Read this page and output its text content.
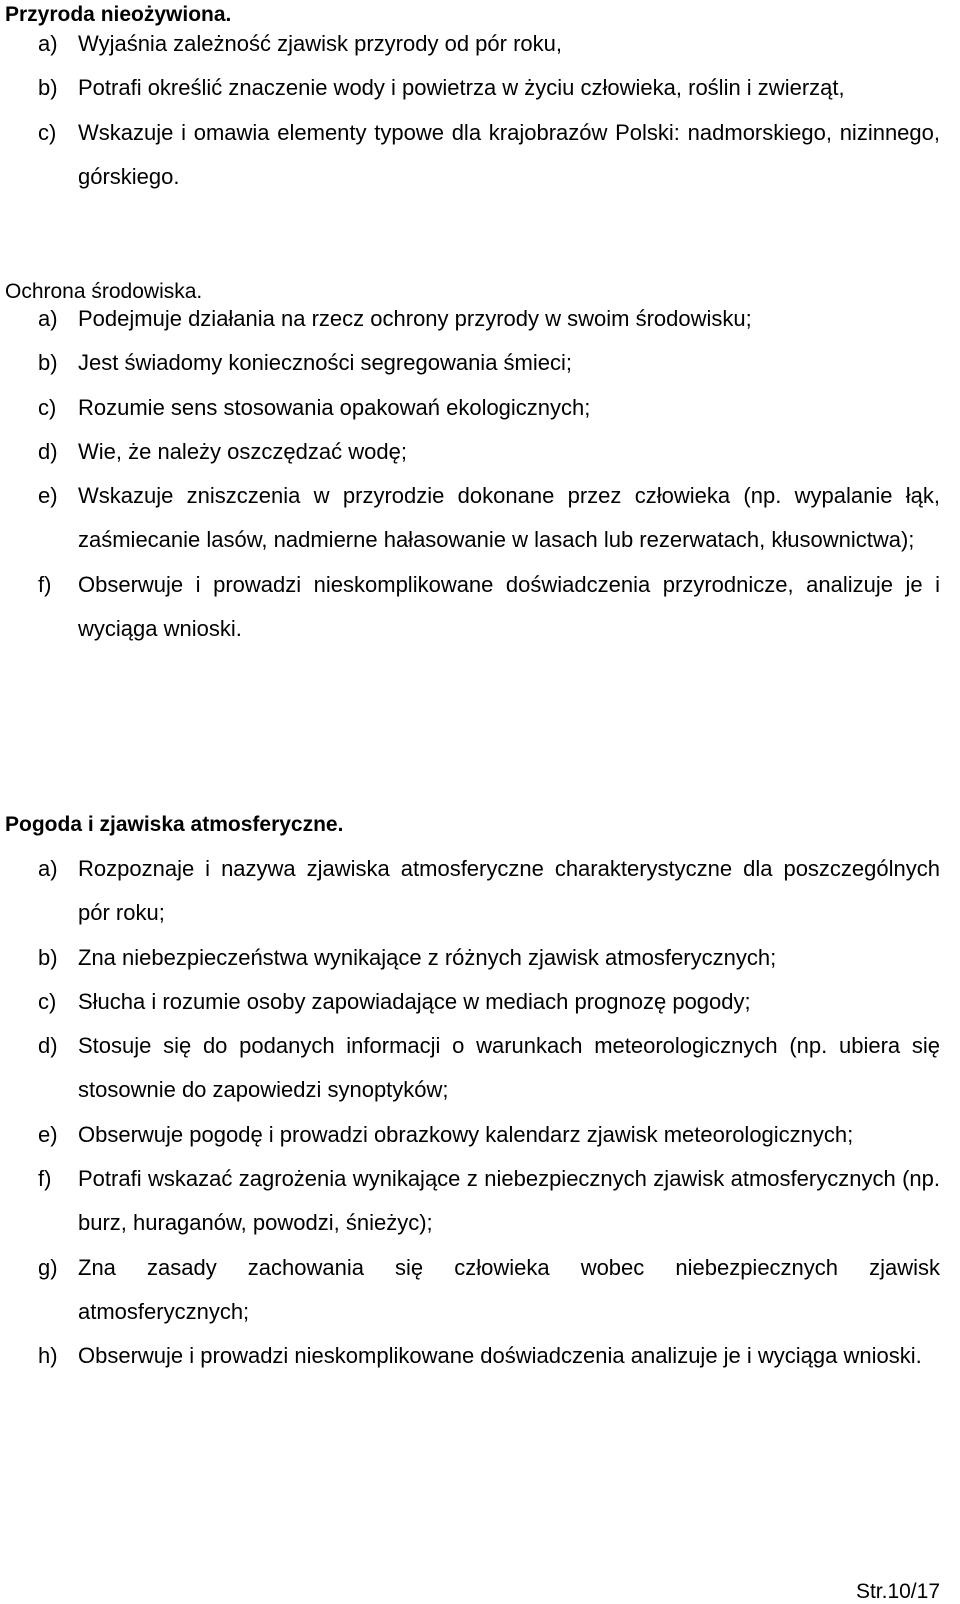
Przyroda nieożywiona.
a) Wyjaśnia zależność zjawisk przyrody od pór roku,
b) Potrafi określić znaczenie wody i powietrza w życiu człowieka, roślin i zwierząt,
c) Wskazuje i omawia elementy typowe dla krajobrazów Polski: nadmorskiego, nizinnego, górskiego.
Ochrona środowiska.
a) Podejmuje działania na rzecz ochrony przyrody w swoim środowisku;
b) Jest świadomy konieczności segregowania śmieci;
c) Rozumie sens stosowania opakowań ekologicznych;
d) Wie, że należy oszczędzać wodę;
e) Wskazuje zniszczenia w przyrodzie dokonane przez człowieka (np. wypalanie łąk, zaśmiecanie lasów, nadmierne hałasowanie w lasach lub rezerwatach, kłusownictwa);
f) Obserwuje i prowadzi nieskomplikowane doświadczenia przyrodnicze, analizuje je i wyciąga wnioski.
Pogoda i zjawiska atmosferyczne.
a) Rozpoznaje i nazywa zjawiska atmosferyczne charakterystyczne dla poszczególnych pór roku;
b) Zna niebezpieczeństwa wynikające z różnych zjawisk atmosferycznych;
c) Słucha i rozumie osoby zapowiadające w mediach prognozę pogody;
d) Stosuje się do podanych informacji o warunkach meteorologicznych (np. ubiera się stosownie do zapowiedzi synoptyków;
e) Obserwuje pogodę i prowadzi obrazkowy kalendarz zjawisk meteorologicznych;
f) Potrafi wskazać zagrożenia wynikające z niebezpiecznych zjawisk atmosferycznych (np. burz, huraganów, powodzi, śnieżyc);
g) Zna zasady zachowania się człowieka wobec niebezpiecznych zjawisk atmosferycznych;
h) Obserwuje i prowadzi nieskomplikowane doświadczenia analizuje je i wyciąga wnioski.
Str.10/17
